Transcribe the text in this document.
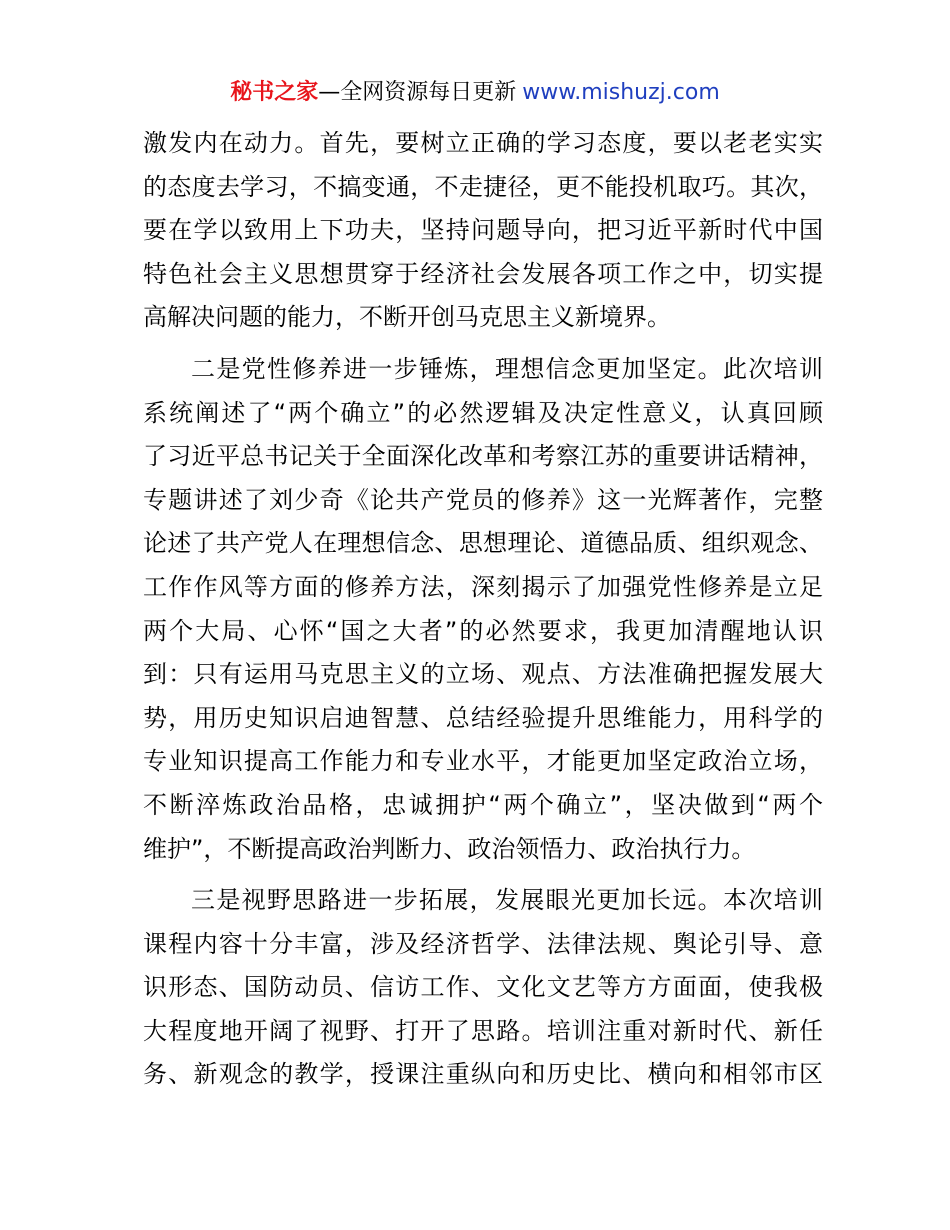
秘书之家—全网资源每日更新 www.mishuzj.com
激发内在动力。首先，要树立正确的学习态度，要以老老实实
的态度去学习，不搞变通，不走捷径，更不能投机取巧。其次，
要在学以致用上下功夫，坚持问题导向，把习近平新时代中国
特色社会主义思想贯穿于经济社会发展各项工作之中，切实提
高解决问题的能力，不断开创马克思主义新境界。
二是党性修养进一步锤炼，理想信念更加坚定。此次培训
系统阐述了“两个确立”的必然逻辑及决定性意义，认真回顾
了习近平总书记关于全面深化改革和考察江苏的重要讲话精神，
专题讲述了刘少奇《论共产党员的修养》这一光辉著作，完整
论述了共产党人在理想信念、思想理论、道德品质、组织观念、
工作作风等方面的修养方法，深刻揭示了加强党性修养是立足
两个大局、心怀“国之大者”的必然要求，我更加清醒地认识
到：只有运用马克思主义的立场、观点、方法准确把握发展大
势，用历史知识启迪智慧、总结经验提升思维能力，用科学的
专业知识提高工作能力和专业水平，才能更加坚定政治立场，
不断淬炼政治品格，忠诚拥护“两个确立”，坚决做到“两个
维护”，不断提高政治判断力、政治领悟力、政治执行力。
三是视野思路进一步拓展，发展眼光更加长远。本次培训
课程内容十分丰富，涉及经济哲学、法律法规、舆论引导、意
识形态、国防动员、信访工作、文化文艺等方方面面，使我极
大程度地开阔了视野、打开了思路。培训注重对新时代、新任
务、新观念的教学，授课注重纵向和历史比、横向和相邻市区
